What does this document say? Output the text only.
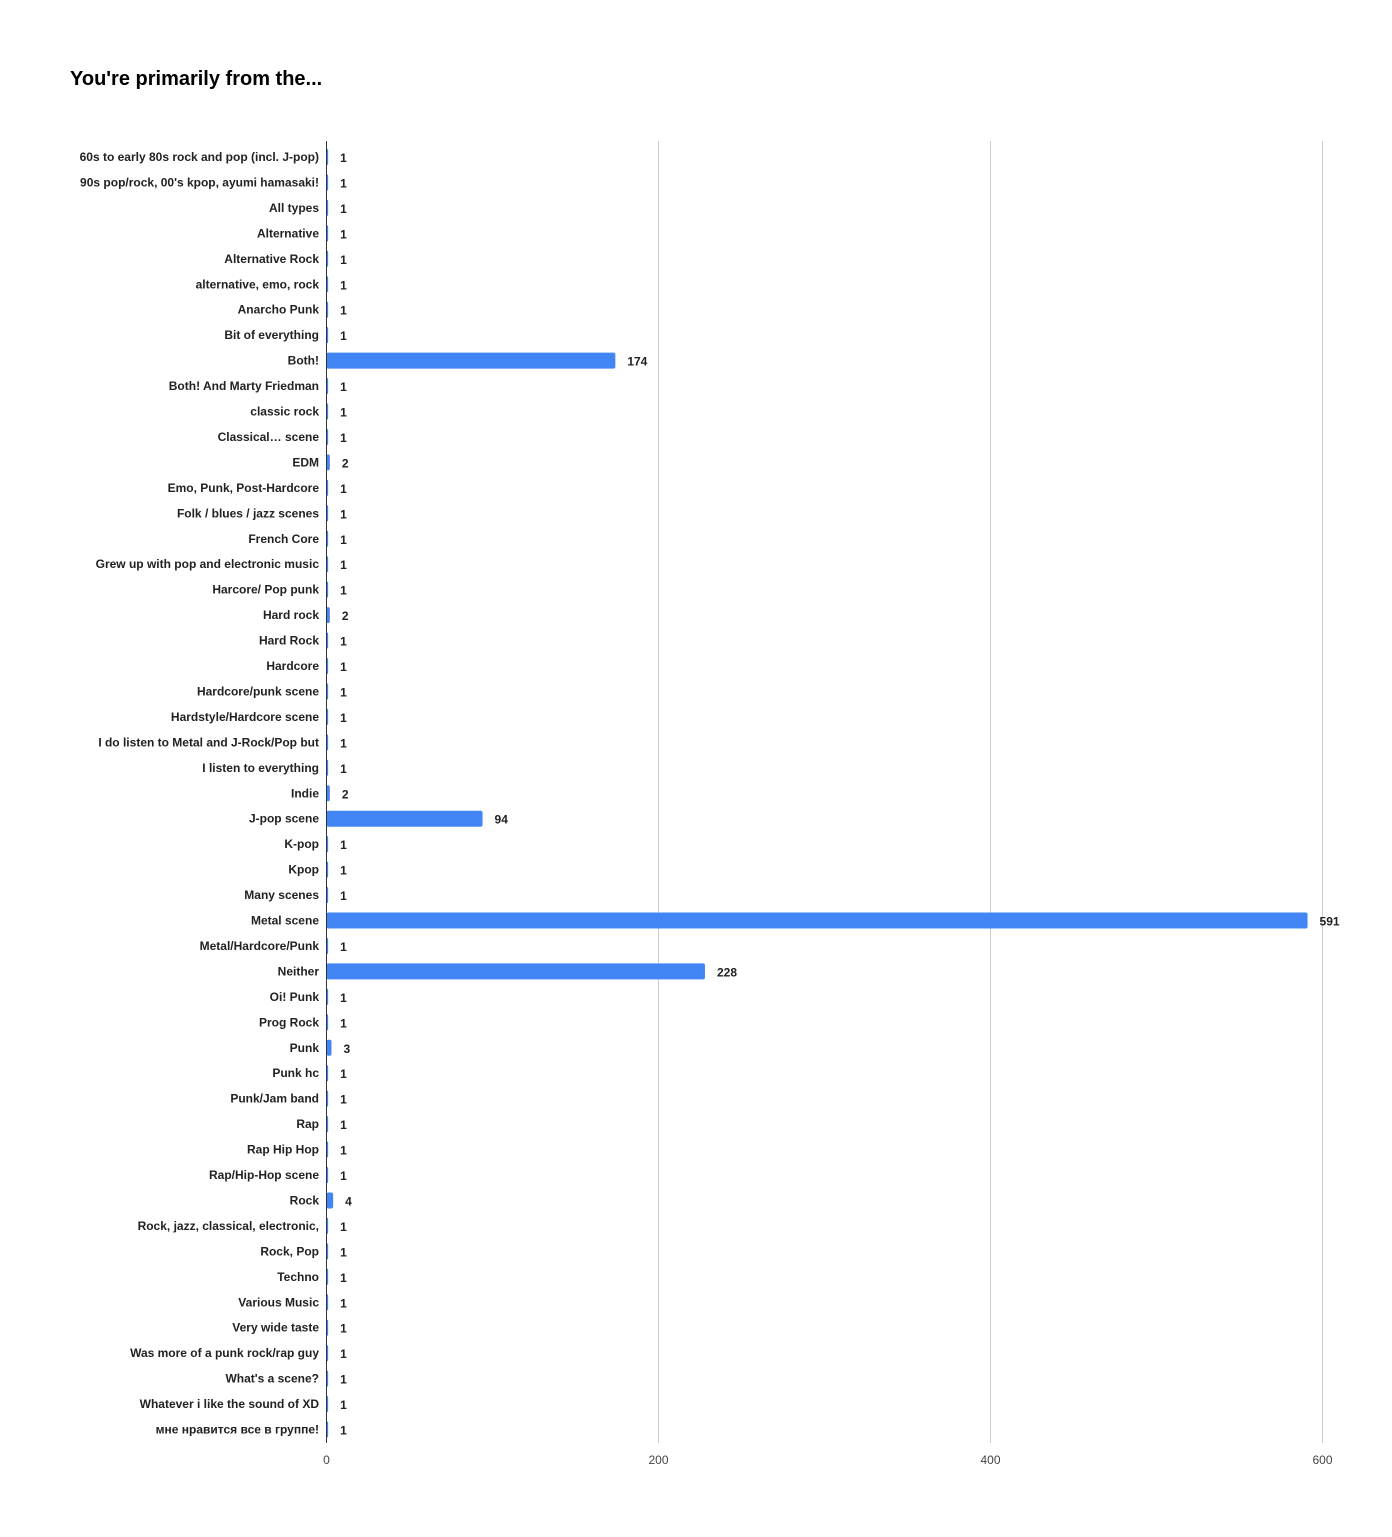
You're primarily from the...
60s to early 80s rock and pop (incl. J-pop) 1
90s pop/rock, 00's kpop, ayumi hamasaki! 1
All types 1
Alternative 1
Alternative Rock 1
alternative, emo, rock 1
Anarcho Punk 1
Bit of everything 1
Both!	174
Both! And Marty Friedman 1
classic rock 1
Classical… scene 1
EDM 2
Emo, Punk, Post-Hardcore 1
Folk / blues / jazz scenes 1
French Core 1
Grew up with pop and electronic music 1
Harcore/ Pop punk 1
Hard rock 2
Hard Rock 1
Hardcore 1
Hardcore/punk scene 1
Hardstyle/Hardcore scene 1
I do listen to Metal and J-Rock/Pop but 1
I listen to everything 1
Indie 2
J-pop scene	94
K-pop 1
Kpop 1
Many scenes 1
Metal scene	591
Metal/Hardcore/Punk 1
Neither	228
Oi! Punk 1
Prog Rock 1
Punk 3
Punk hc 1
Punk/Jam band 1
Rap 1
Rap Hip Hop 1
Rap/Hip-Hop scene 1
Rock 4
Rock, jazz, classical, electronic, 1
Rock, Pop 1
Techno 1
Various Music 1
Very wide taste 1
Was more of a punk rock/rap guy 1
What's a scene? 1
Whatever i like the sound of XD 1
мне нравится все в группе! 1
0	200	400	600
